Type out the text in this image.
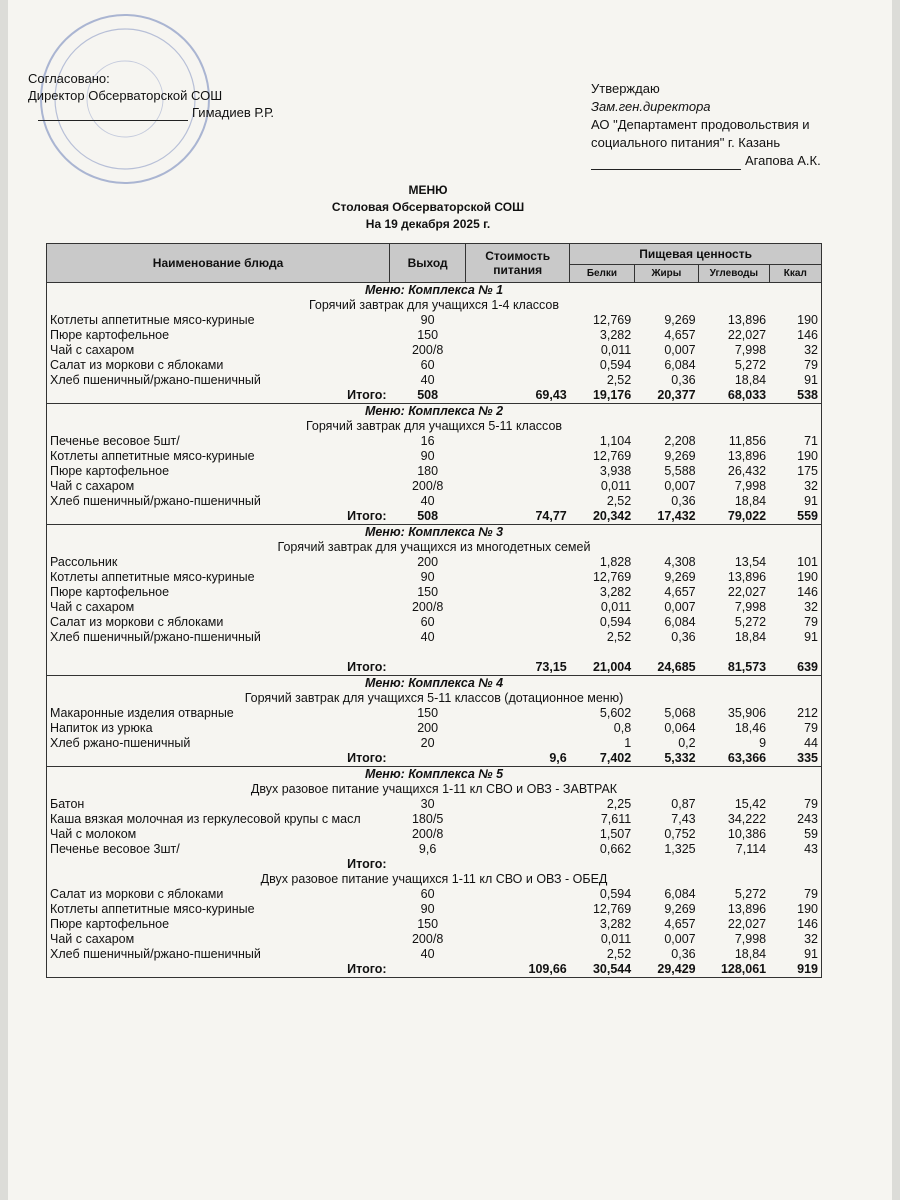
Согласовано:
Директор Обсерваторской СОШ
Гимадиев Р.Р.
Утверждаю
Зам.ген.директора
АО "Департамент продовольствия и
социального питания" г. Казань
Агапова А.К.
МЕНЮ
Столовая Обсерваторской СОШ
На 19 декабря 2025 г.
Наименование блюда	Выход	Стоимость питания	Пищевая ценность			
			Белки	Жиры	Углеводы	Ккал
Меню: Комплекса № 1						
Горячий завтрак для учащихся 1-4 классов						
Котлеты аппетитные мясо-куриные	90		12,769	9,269	13,896	190
Пюре картофельное	150		3,282	4,657	22,027	146
Чай с сахаром	200/8		0,011	0,007	7,998	32
Салат из моркови с яблоками	60		0,594	6,084	5,272	79
Хлеб пшеничный/ржано-пшеничный	40		2,52	0,36	18,84	91
Итого:	508	69,43	19,176	20,377	68,033	538
Меню: Комплекса № 2						
Горячий завтрак для учащихся 5-11 классов						
Печенье весовое 5шт/	16		1,104	2,208	11,856	71
Котлеты аппетитные мясо-куриные	90		12,769	9,269	13,896	190
Пюре картофельное	180		3,938	5,588	26,432	175
Чай с сахаром	200/8		0,011	0,007	7,998	32
Хлеб пшеничный/ржано-пшеничный	40		2,52	0,36	18,84	91
Итого:	508	74,77	20,342	17,432	79,022	559
Меню: Комплекса № 3						
Горячий завтрак для учащихся из многодетных семей						
Рассольник	200		1,828	4,308	13,54	101
Котлеты аппетитные мясо-куриные	90		12,769	9,269	13,896	190
Пюре картофельное	150		3,282	4,657	22,027	146
Чай с сахаром	200/8		0,011	0,007	7,998	32
Салат из моркови с яблоками	60		0,594	6,084	5,272	79
Хлеб пшеничный/ржано-пшеничный	40		2,52	0,36	18,84	91

Итого:		73,15	21,004	24,685	81,573	639
Меню: Комплекса № 4						
Горячий завтрак для учащихся 5-11 классов (дотационное меню)						
Макаронные изделия отварные	150		5,602	5,068	35,906	212
Напиток из урюка	200		0,8	0,064	18,46	79
Хлеб ржано-пшеничный	20		1	0,2	9	44
Итого:		9,6	7,402	5,332	63,366	335
Меню: Комплекса № 5						
Двух разовое питание учащихся 1-11 кл СВО и ОВЗ - ЗАВТРАК						
Батон	30		2,25	0,87	15,42	79
Каша вязкая молочная из геркулесовой крупы с масл	180/5		7,611	7,43	34,222	243
Чай с молоком	200/8		1,507	0,752	10,386	59
Печенье весовое 3шт/	9,6		0,662	1,325	7,114	43
Итого:						
Двух разовое питание учащихся 1-11 кл СВО и ОВЗ - ОБЕД						
Салат из моркови с яблоками	60		0,594	6,084	5,272	79
Котлеты аппетитные мясо-куриные	90		12,769	9,269	13,896	190
Пюре картофельное	150		3,282	4,657	22,027	146
Чай с сахаром	200/8		0,011	0,007	7,998	32
Хлеб пшеничный/ржано-пшеничный	40		2,52	0,36	18,84	91
Итого:		109,66	30,544	29,429	128,061	919
